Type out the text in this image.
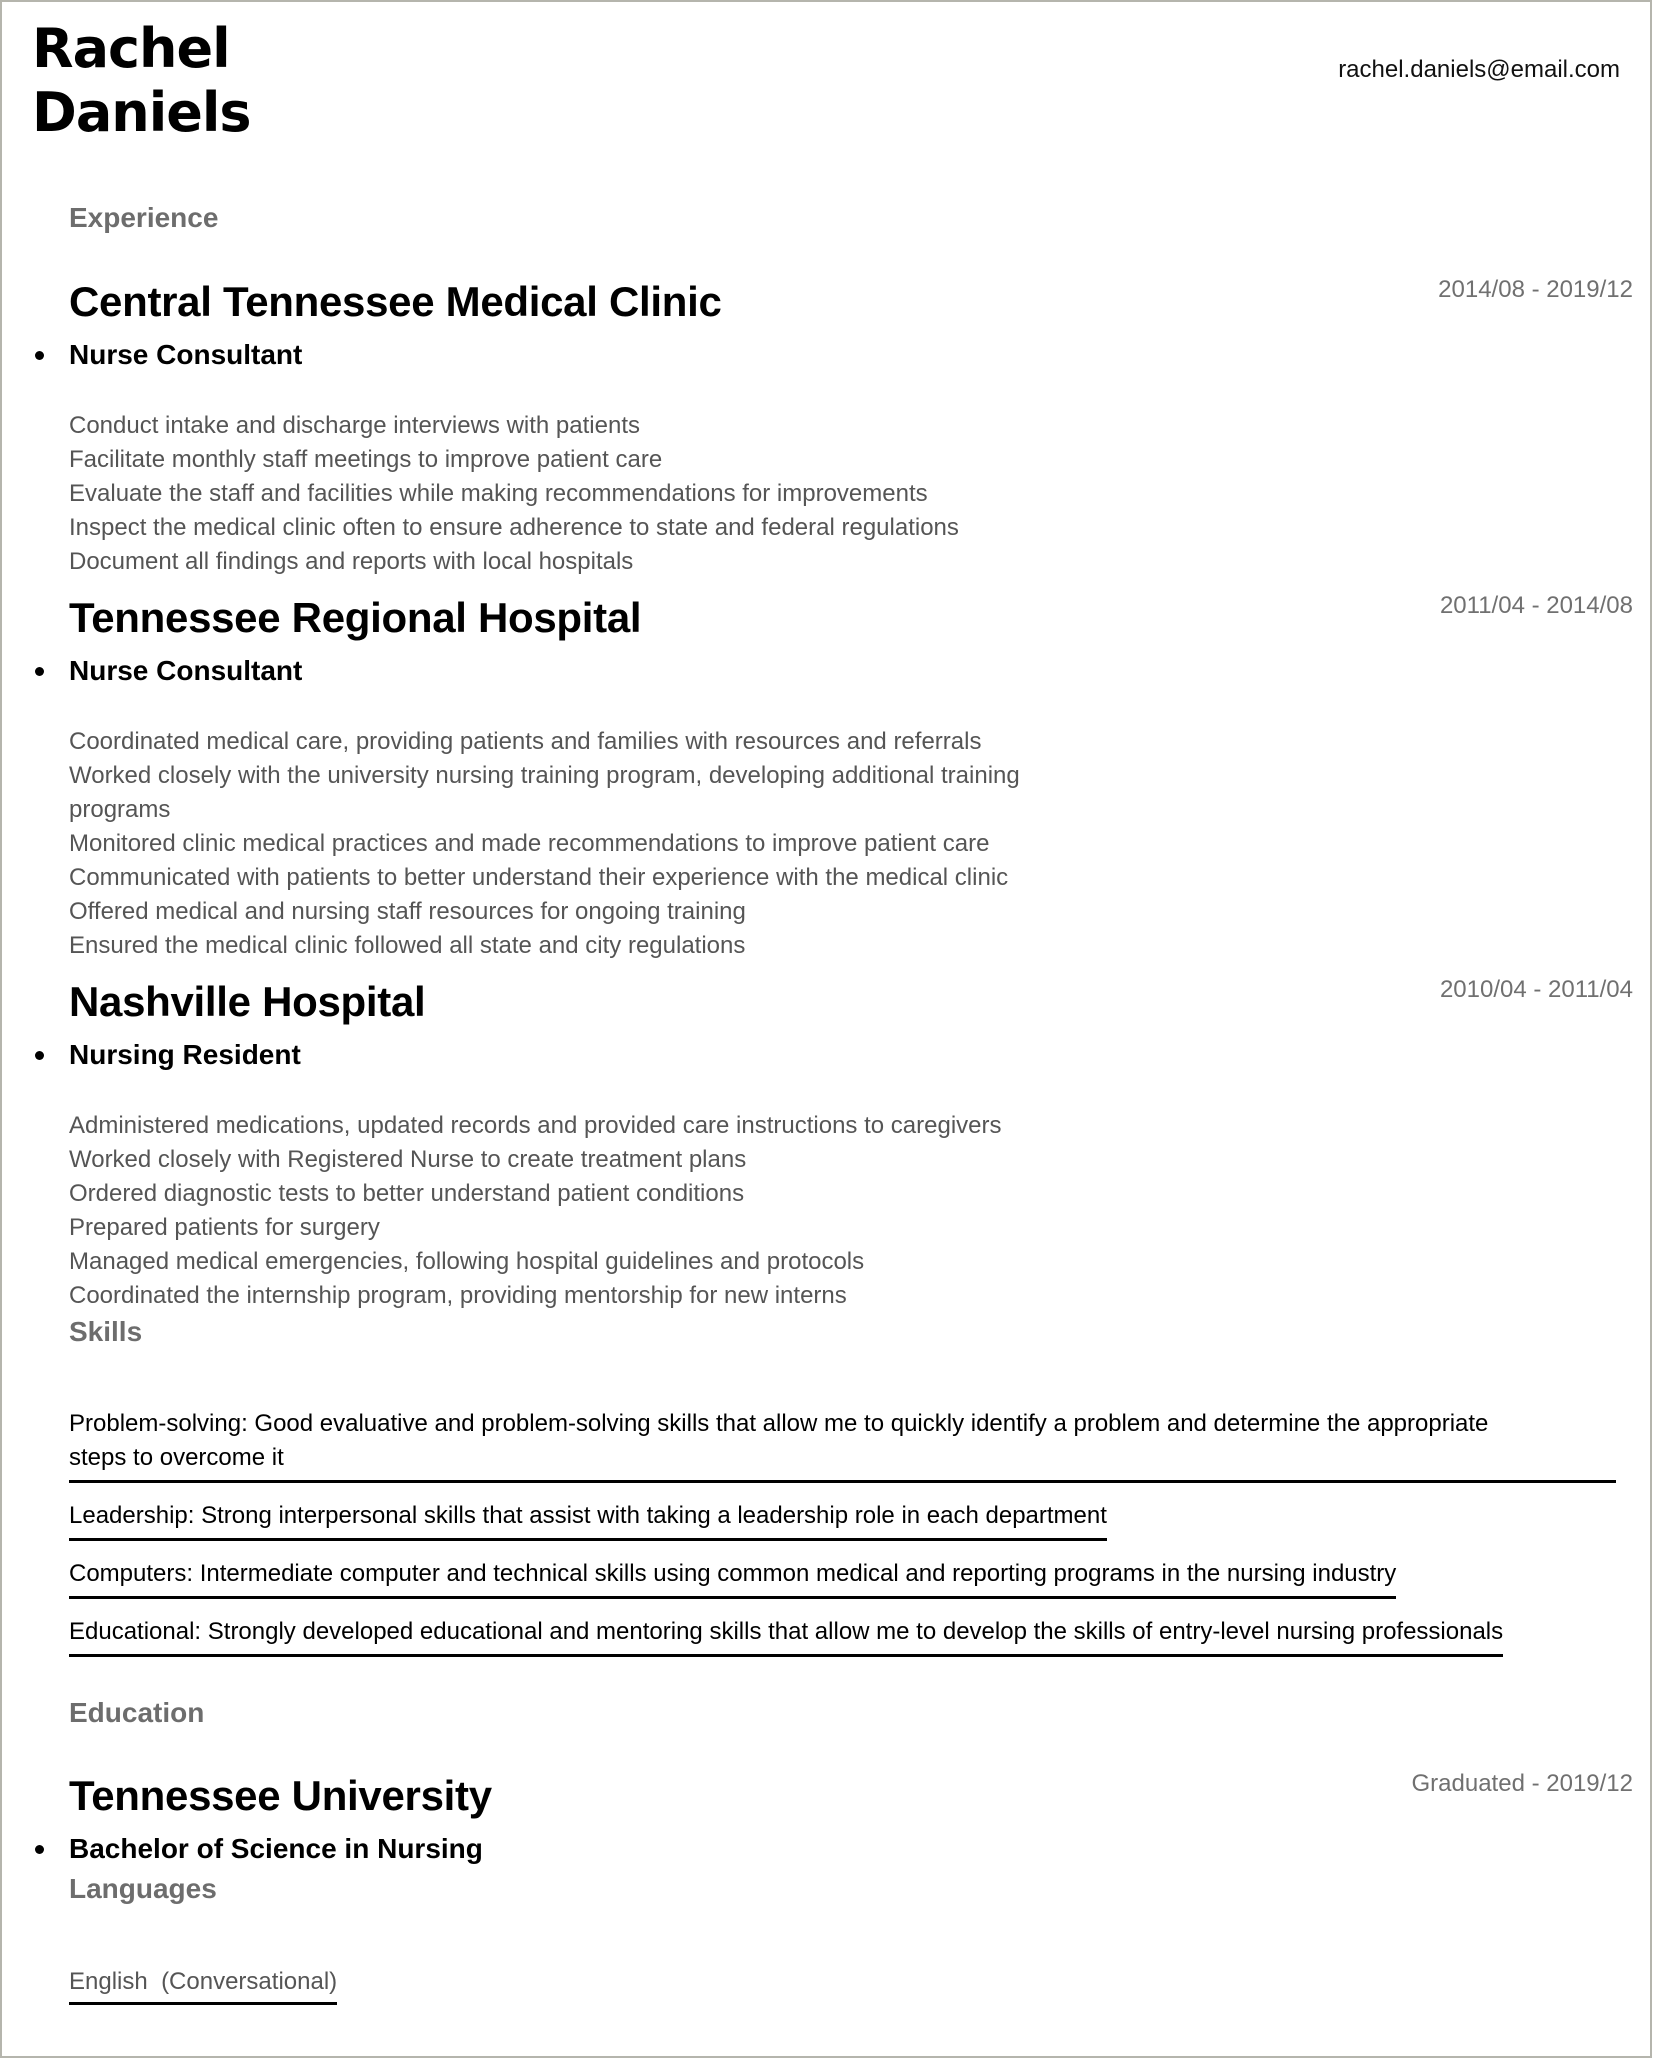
Rachel
Daniels
rachel.daniels@email.com
Experience
Central Tennessee Medical Clinic	2014/08 - 2019/12
Nurse Consultant
Conduct intake and discharge interviews with patients
Facilitate monthly staff meetings to improve patient care
Evaluate the staff and facilities while making recommendations for improvements
Inspect the medical clinic often to ensure adherence to state and federal regulations
Document all findings and reports with local hospitals
Tennessee Regional Hospital	2011/04 - 2014/08
Nurse Consultant
Coordinated medical care, providing patients and families with resources and referrals
Worked closely with the university nursing training program, developing additional training
programs
Monitored clinic medical practices and made recommendations to improve patient care
Communicated with patients to better understand their experience with the medical clinic
Offered medical and nursing staff resources for ongoing training
Ensured the medical clinic followed all state and city regulations
Nashville Hospital	2010/04 - 2011/04
Nursing Resident
Administered medications, updated records and provided care instructions to caregivers
Worked closely with Registered Nurse to create treatment plans
Ordered diagnostic tests to better understand patient conditions
Prepared patients for surgery
Managed medical emergencies, following hospital guidelines and protocols
Coordinated the internship program, providing mentorship for new interns
Skills
Problem-solving: Good evaluative and problem-solving skills that allow me to quickly identify a problem and determine the appropriate
steps to overcome it
Leadership: Strong interpersonal skills that assist with taking a leadership role in each department
Computers: Intermediate computer and technical skills using common medical and reporting programs in the nursing industry
Educational: Strongly developed educational and mentoring skills that allow me to develop the skills of entry-level nursing professionals
Education
Tennessee University	Graduated - 2019/12
Bachelor of Science in Nursing
Languages
English (Conversational)
